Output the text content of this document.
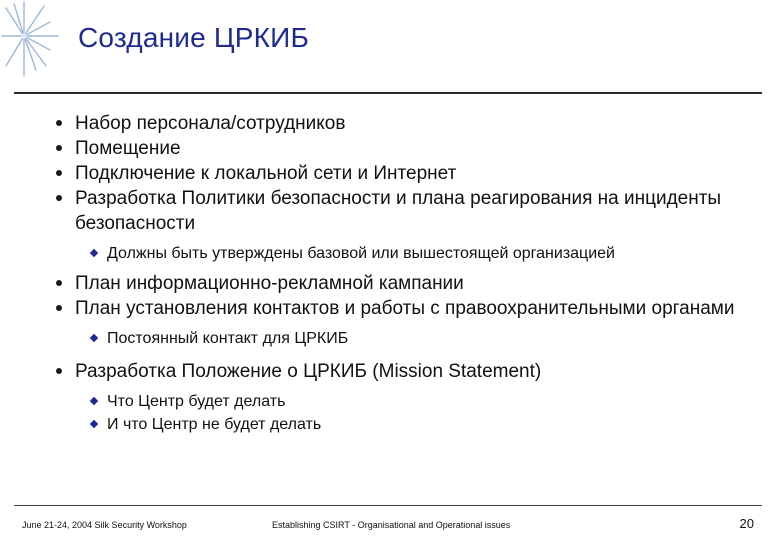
Создание ЦРКИБ
Набор персонала/сотрудников
Помещение
Подключение к локальной сети и Интернет
Разработка Политики безопасности и плана реагирования на инциденты безопасности
Должны быть утверждены базовой или вышестоящей организацией
План информационно-рекламной кампании
План установления контактов и работы с правоохранительными органами
Постоянный контакт для ЦРКИБ
Разработка Положение о ЦРКИБ (Mission Statement)
Что Центр будет делать
И что Центр не будет делать
June 21-24, 2004 Silk Security Workshop	Establishing CSIRT - Organisational and Operational issues	20
